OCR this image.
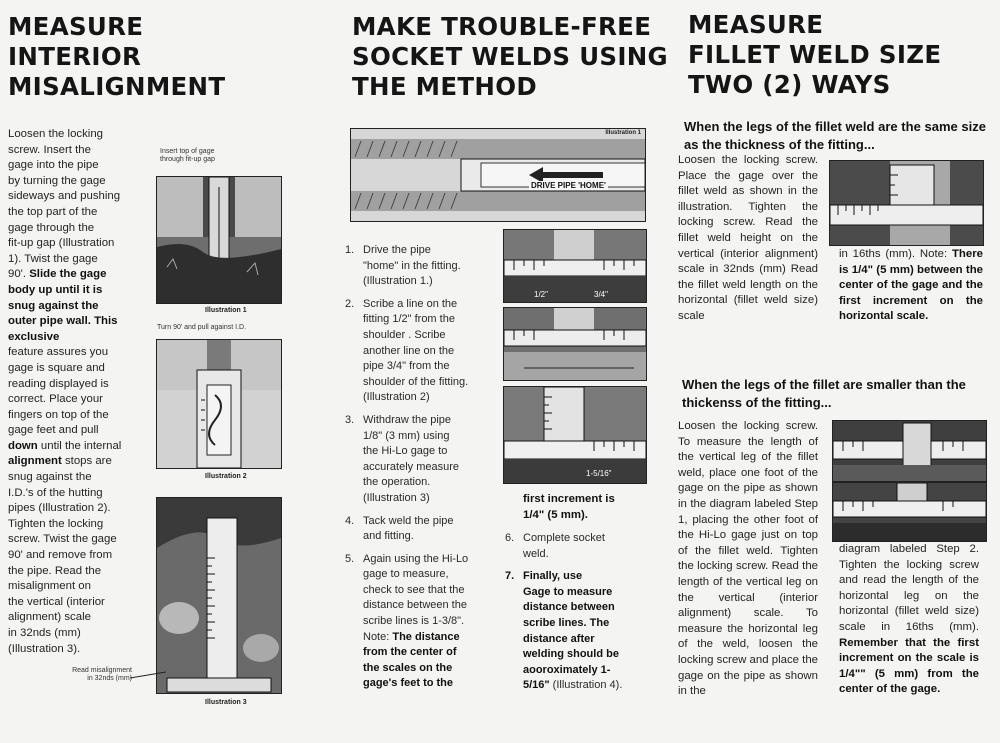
MEASURE
INTERIOR
MISALIGNMENT
Loosen the locking
screw. Insert the
gage into the pipe
by turning the gage
sideways and pushing
the top part of the
gage through the
fit-up gap (Illustration
1). Twist the gage
90'. Slide the gage
body up until it is
snug against the
outer pipe wall. This
exclusive
feature assures you
gage is square and
reading displayed is
correct. Place your
fingers on top of the
gage feet and pull
down until the internal
alignment stops are
snug against the
I.D.'s of the hutting
pipes (Illustration 2).
Tighten the locking
screw. Twist the gage
90' and remove from
the pipe. Read the
misalignment on
the vertical (interior
alignment) scale
in 32nds (mm)
(Illustration 3).
Insert top of gage
through fit-up gap
Illustration 1
Turn 90' and pull against I.D.
Illustration 2
Illustration 3
Read misalignment
in 32nds (mm)
MAKE TROUBLE-FREE
SOCKET WELDS USING
THE METHOD
DRIVE PIPE 'HOME'
Illustration 1
1. Drive the pipe
"home" in the fitting.
(Illustration 1.)
2. Scribe a line on the
fitting 1/2" from the
shoulder . Scribe
another line on the
pipe 3/4" from the
shoulder of the fitting.
(Illustration 2)
3. Withdraw the pipe
1/8" (3 mm) using
the Hi-Lo gage to
accurately measure
the operation.
(Illustration 3)
4. Tack weld the pipe
and fitting.
5. Again using the Hi-Lo
gage to measure,
check to see that the
distance between the
scribe lines is 1-3/8".
Note: The distance
from the center of
the scales on the
gage's feet to the
1/2"	3/4"
1-5/16"
first increment is
1/4" (5 mm).
6. Complete socket
weld.
7. Finally, use
Gage to measure
distance between
scribe lines. The
distance after
welding should be
aooroximately 1-
5/16" (Illustration 4).
MEASURE
FILLET WELD SIZE
TWO (2) WAYS
When the legs of the fillet weld are the same size as the thickness of the fitting...
Loosen the locking screw. Place the gage over the fillet weld as shown in the illustration. Tighten the locking screw. Read the fillet weld height on the vertical (interior alignment) scale in 32nds (mm) Read the fillet weld length on the horizontal (fillet weld size) scale
in 16ths (mm). Note: There is 1/4" (5 mm) between the center of the gage and the first increment on the horizontal scale.
When the legs of the fillet are smaller than the thickenss of the fitting...
Loosen the locking screw. To measure the length of the vertical leg of the fillet weld, place one foot of the gage on the pipe as shown in the diagram labeled Step 1, placing the other foot of the Hi-Lo gage just on top of the fillet weld. Tighten the locking screw. Read the length of the vertical leg on the vertical (interior alignment) scale. To measure the horizontal leg of the weld, loosen the locking screw and place the gage on the pipe as shown in the
diagram labeled Step 2. Tighten the locking screw and read the length of the horizontal leg on the horizontal (fillet weld size) scale in 16ths (mm). Remember that the first increment on the scale is 1/4"" (5 mm) from the center of the gage.
